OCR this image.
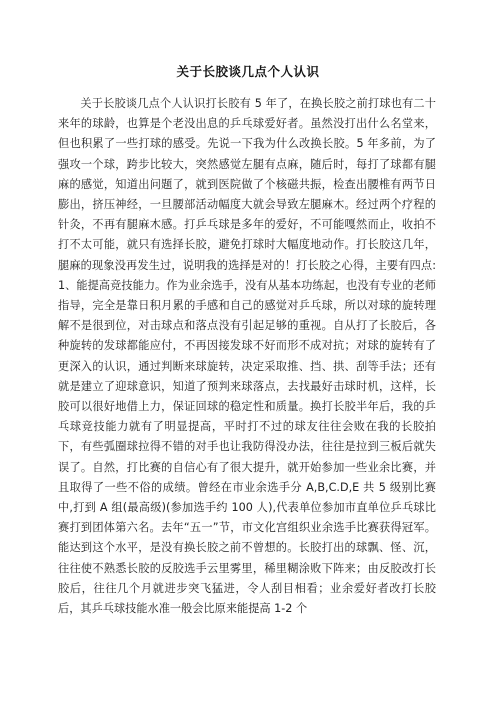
关于长胶谈几点个人认识

关于长胶谈几点个人认识打长胶有 5 年了，在换长胶之前打球也有二十来年的球龄，也算是个老没出息的乒乓球爱好者。虽然没打出什么名堂来，但也积累了一些打球的感受。先说一下我为什么改换长胶。5 年多前，为了强攻一个球，跨步比较大，突然感觉左腿有点麻，随后时，每打了球都有腿麻的感觉，知道出问题了，就到医院做了个核磁共振，检查出腰椎有两节日膨出，挤压神经，一旦腰部活动幅度大就会导致左腿麻木。经过两个疗程的针灸，不再有腿麻木感。打乒乓球是多年的爱好，不可能嘎然而止，收拍不打不太可能，就只有选择长胶，避免打球时大幅度地动作。打长胶这几年，腿麻的现象没再发生过，说明我的选择是对的！打长胶之心得，主要有四点:1、能提高竞技能力。作为业余选手，没有从基本功练起，也没有专业的老师指导，完全是靠日积月累的手感和自己的感觉对乒乓球，所以对球的旋转理解不是很到位，对击球点和落点没有引起足够的重视。自从打了长胶后，各种旋转的发球都能应付，不再因接发球不好而形不成对抗；对球的旋转有了更深入的认识，通过判断来球旋转，决定采取推、挡、拱、刮等手法；还有就是建立了迎球意识，知道了预判来球落点，去找最好击球时机，这样，长胶可以很好地借上力，保证回球的稳定性和质量。换打长胶半年后，我的乒乓球竞技能力就有了明显提高，平时打不过的球友往往会败在我的长胶拍下，有些弧圈球拉得不错的对手也让我防得没办法，往往是拉到三板后就失误了。自然，打比赛的自信心有了很大提升，就开始参加一些业余比赛，并且取得了一些不俗的成绩。曾经在市业余选手分 A,B,C.D,E 共 5 级别比赛中,打到 A 组(最高级)(参加选手约 100 人),代表单位参加市直单位乒乓球比赛打到团体第六名。去年“五一”节，市文化宫组织业余选手比赛获得冠军。能达到这个水平，是没有换长胶之前不曾想的。长胶打出的球飘、怪、沉，往往使不熟悉长胶的反胶选手云里雾里，稀里糊涂败下阵来；由反胶改打长胶后，往往几个月就进步突飞猛进，令人刮目相看；业余爱好者改打长胶后，其乒乓球技能水准一般会比原来能提高 1-2 个
